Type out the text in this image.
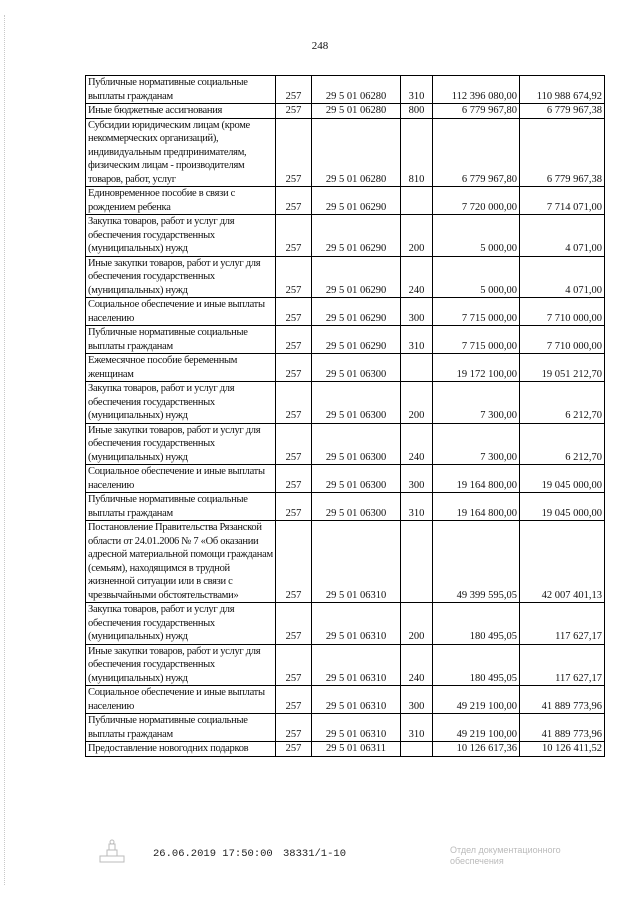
248
Публичные нормативные социальные выплаты гражданам	257	29 5 01 06280	310	112 396 080,00	110 988 674,92
Иные бюджетные ассигнования	257	29 5 01 06280	800	6 779 967,80	6 779 967,38
Субсидии юридическим лицам (кроме некоммерческих организаций), индивидуальным предпринимателям, физическим лицам - производителям товаров, работ, услуг	257	29 5 01 06280	810	6 779 967,80	6 779 967,38
Единовременное пособие в связи с рождением ребенка	257	29 5 01 06290		7 720 000,00	7 714 071,00
Закупка товаров, работ и услуг для обеспечения государственных (муниципальных) нужд	257	29 5 01 06290	200	5 000,00	4 071,00
Иные закупки товаров, работ и услуг для обеспечения государственных (муниципальных) нужд	257	29 5 01 06290	240	5 000,00	4 071,00
Социальное обеспечение и иные выплаты населению	257	29 5 01 06290	300	7 715 000,00	7 710 000,00
Публичные нормативные социальные выплаты гражданам	257	29 5 01 06290	310	7 715 000,00	7 710 000,00
Ежемесячное пособие беременным женщинам	257	29 5 01 06300		19 172 100,00	19 051 212,70
Закупка товаров, работ и услуг для обеспечения государственных (муниципальных) нужд	257	29 5 01 06300	200	7 300,00	6 212,70
Иные закупки товаров, работ и услуг для обеспечения государственных (муниципальных) нужд	257	29 5 01 06300	240	7 300,00	6 212,70
Социальное обеспечение и иные выплаты населению	257	29 5 01 06300	300	19 164 800,00	19 045 000,00
Публичные нормативные социальные выплаты гражданам	257	29 5 01 06300	310	19 164 800,00	19 045 000,00
Постановление Правительства Рязанской области от 24.01.2006 № 7 «Об оказании адресной материальной помощи гражданам (семьям), находящимся в трудной жизненной ситуации или в связи с чрезвычайными обстоятельствами»	257	29 5 01 06310		49 399 595,05	42 007 401,13
Закупка товаров, работ и услуг для обеспечения государственных (муниципальных) нужд	257	29 5 01 06310	200	180 495,05	117 627,17
Иные закупки товаров, работ и услуг для обеспечения государственных (муниципальных) нужд	257	29 5 01 06310	240	180 495,05	117 627,17
Социальное обеспечение и иные выплаты населению	257	29 5 01 06310	300	49 219 100,00	41 889 773,96
Публичные нормативные социальные выплаты гражданам	257	29 5 01 06310	310	49 219 100,00	41 889 773,96
Предоставление новогодних подарков	257	29 5 01 06311		10 126 617,36	10 126 411,52
26.06.2019 17:50:00 38331/1-10	Отдел документационного обеспечения
